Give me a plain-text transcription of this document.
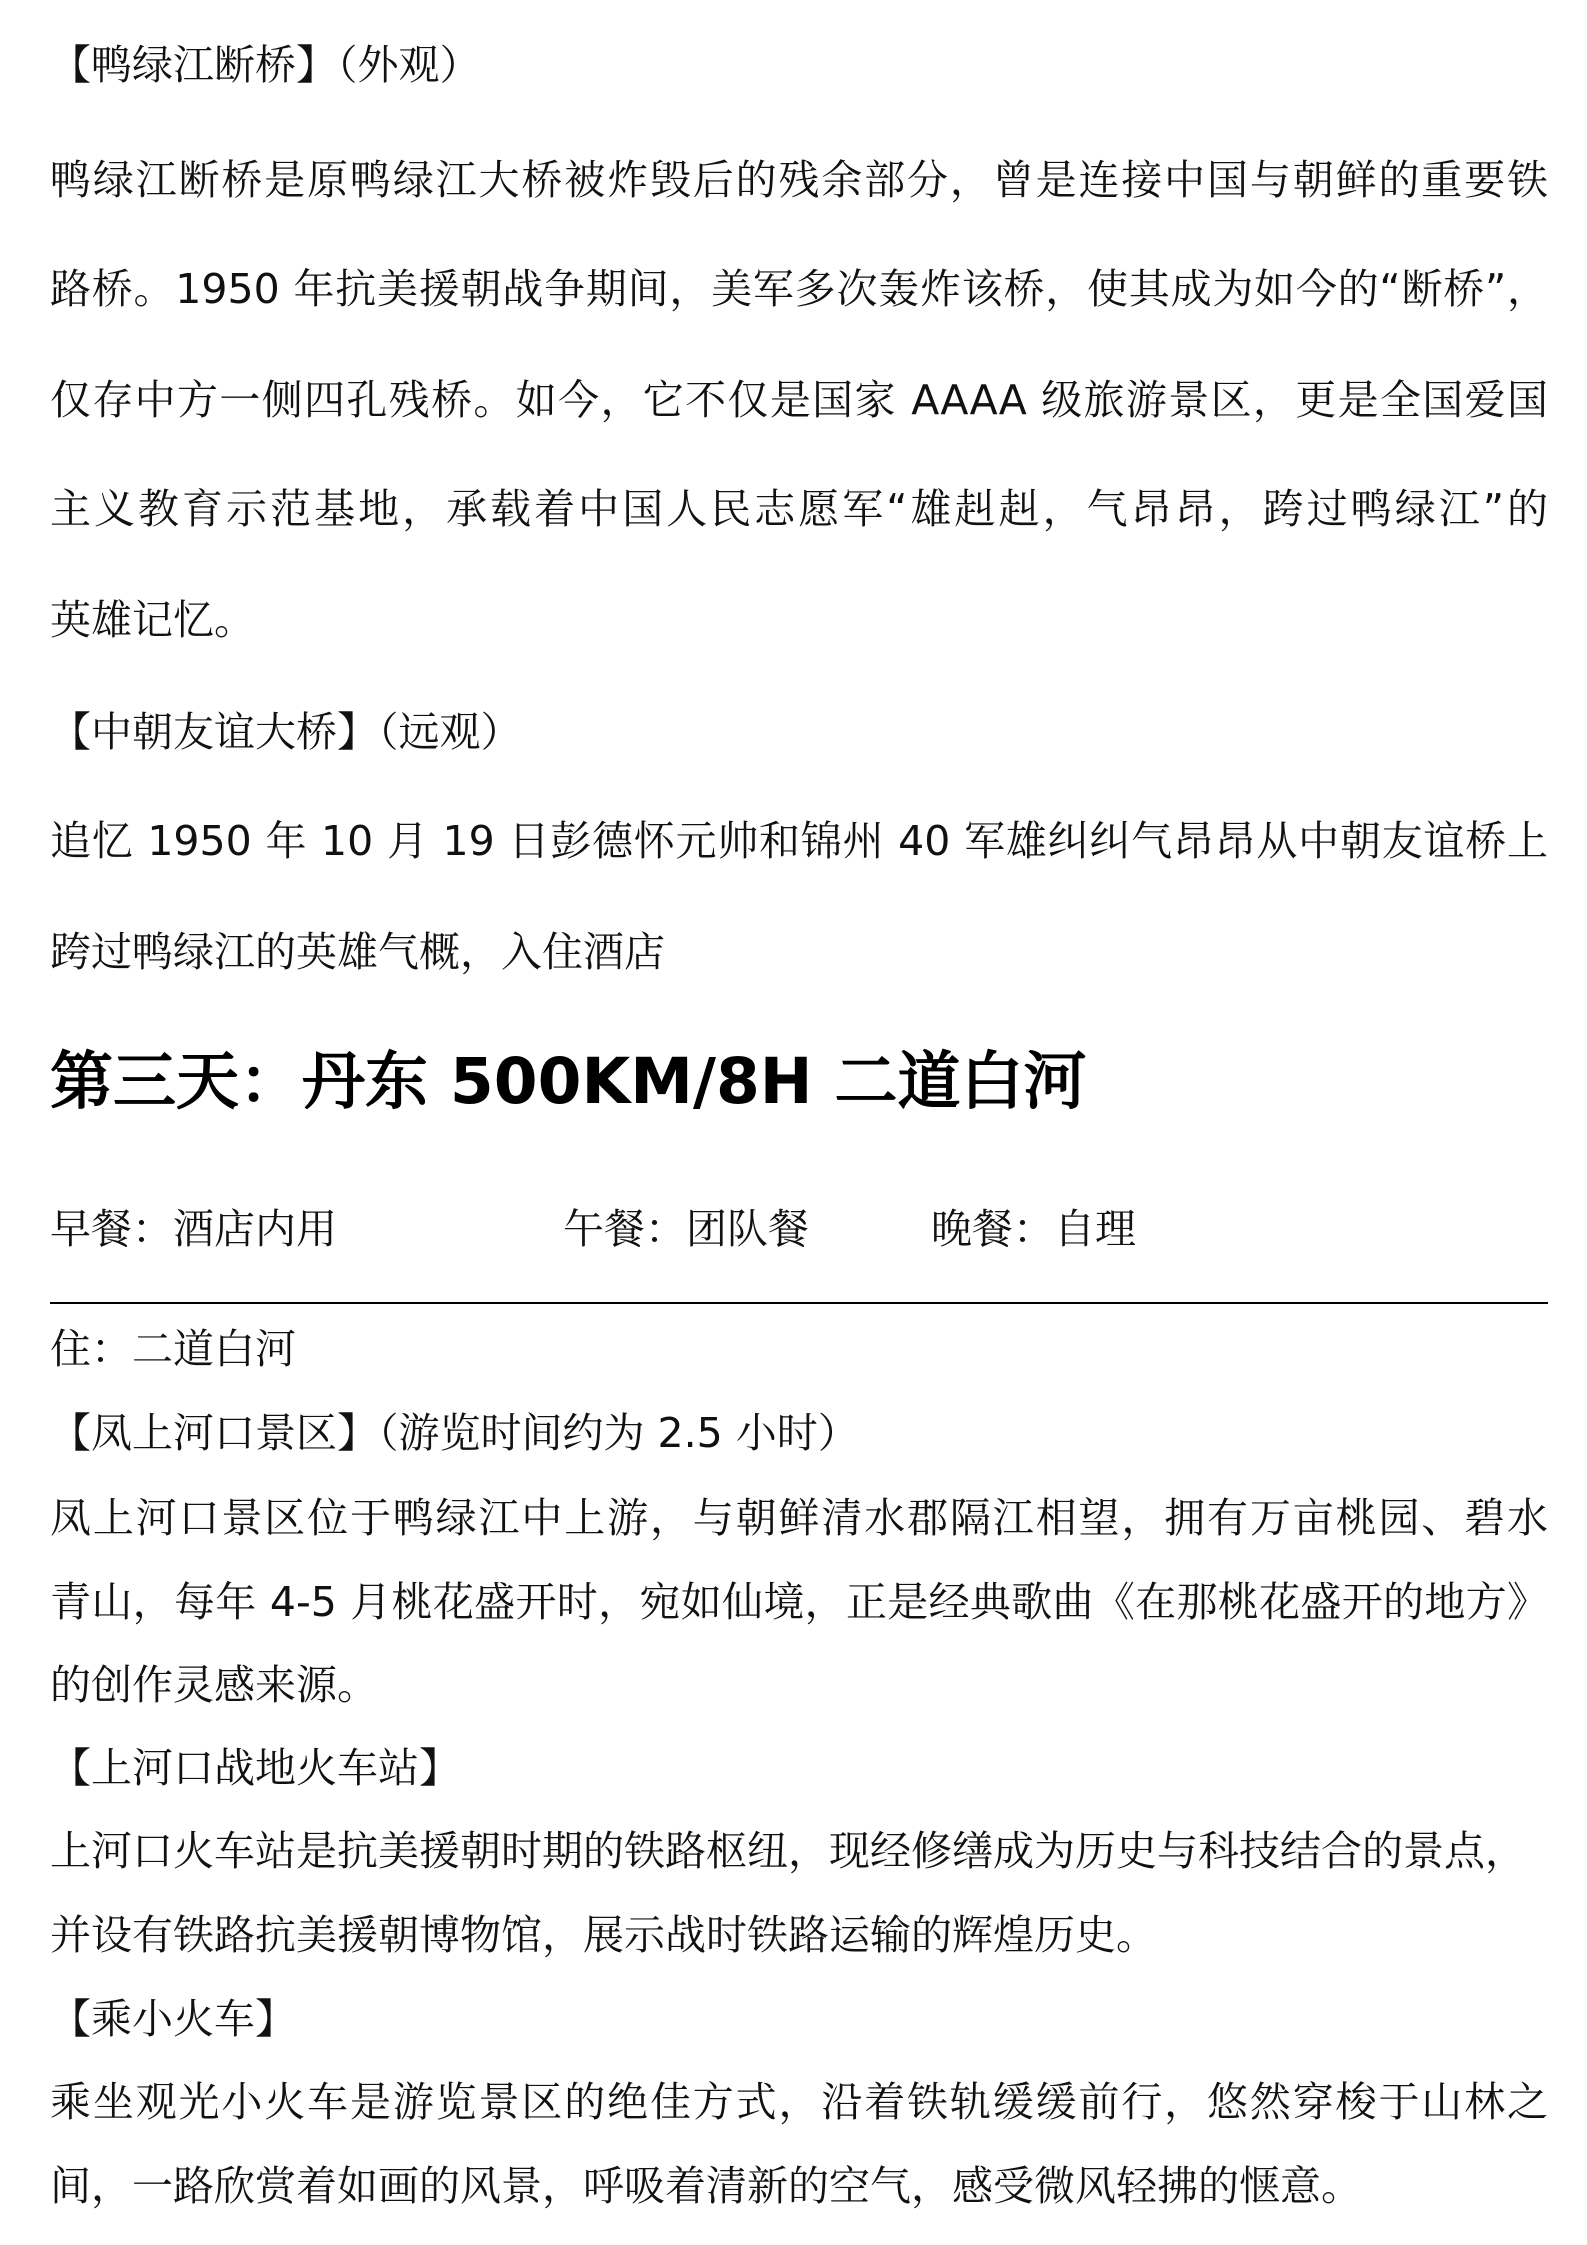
【鸭绿江断桥】（外观）
鸭绿江断桥是原鸭绿江大桥被炸毁后的残余部分，曾是连接中国与朝鲜的重要铁
路桥。1950 年抗美援朝战争期间，美军多次轰炸该桥，使其成为如今的“断桥”，
仅存中方一侧四孔残桥。如今，它不仅是国家 AAAA 级旅游景区，更是全国爱国
主义教育示范基地，承载着中国人民志愿军“雄赳赳，气昂昂，跨过鸭绿江”的
英雄记忆。
【中朝友谊大桥】（远观）
追忆 1950 年 10 月 19 日彭德怀元帅和锦州 40 军雄纠纠气昂昂从中朝友谊桥上
跨过鸭绿江的英雄气概，入住酒店
第三天：丹东 500KM/8H 二道白河
早餐：酒店内用	午餐：团队餐	晚餐：自理
住：二道白河
【凤上河口景区】（游览时间约为 2.5 小时）
凤上河口景区位于鸭绿江中上游，与朝鲜清水郡隔江相望，拥有万亩桃园、碧水
青山，每年 4-5 月桃花盛开时，宛如仙境，正是经典歌曲《在那桃花盛开的地方》
的创作灵感来源。
【上河口战地火车站】
上河口火车站是抗美援朝时期的铁路枢纽，现经修缮成为历史与科技结合的景点，
并设有铁路抗美援朝博物馆，展示战时铁路运输的辉煌历史。
【乘小火车】
乘坐观光小火车是游览景区的绝佳方式，沿着铁轨缓缓前行，悠然穿梭于山林之
间，一路欣赏着如画的风景，呼吸着清新的空气，感受微风轻拂的惬意。
